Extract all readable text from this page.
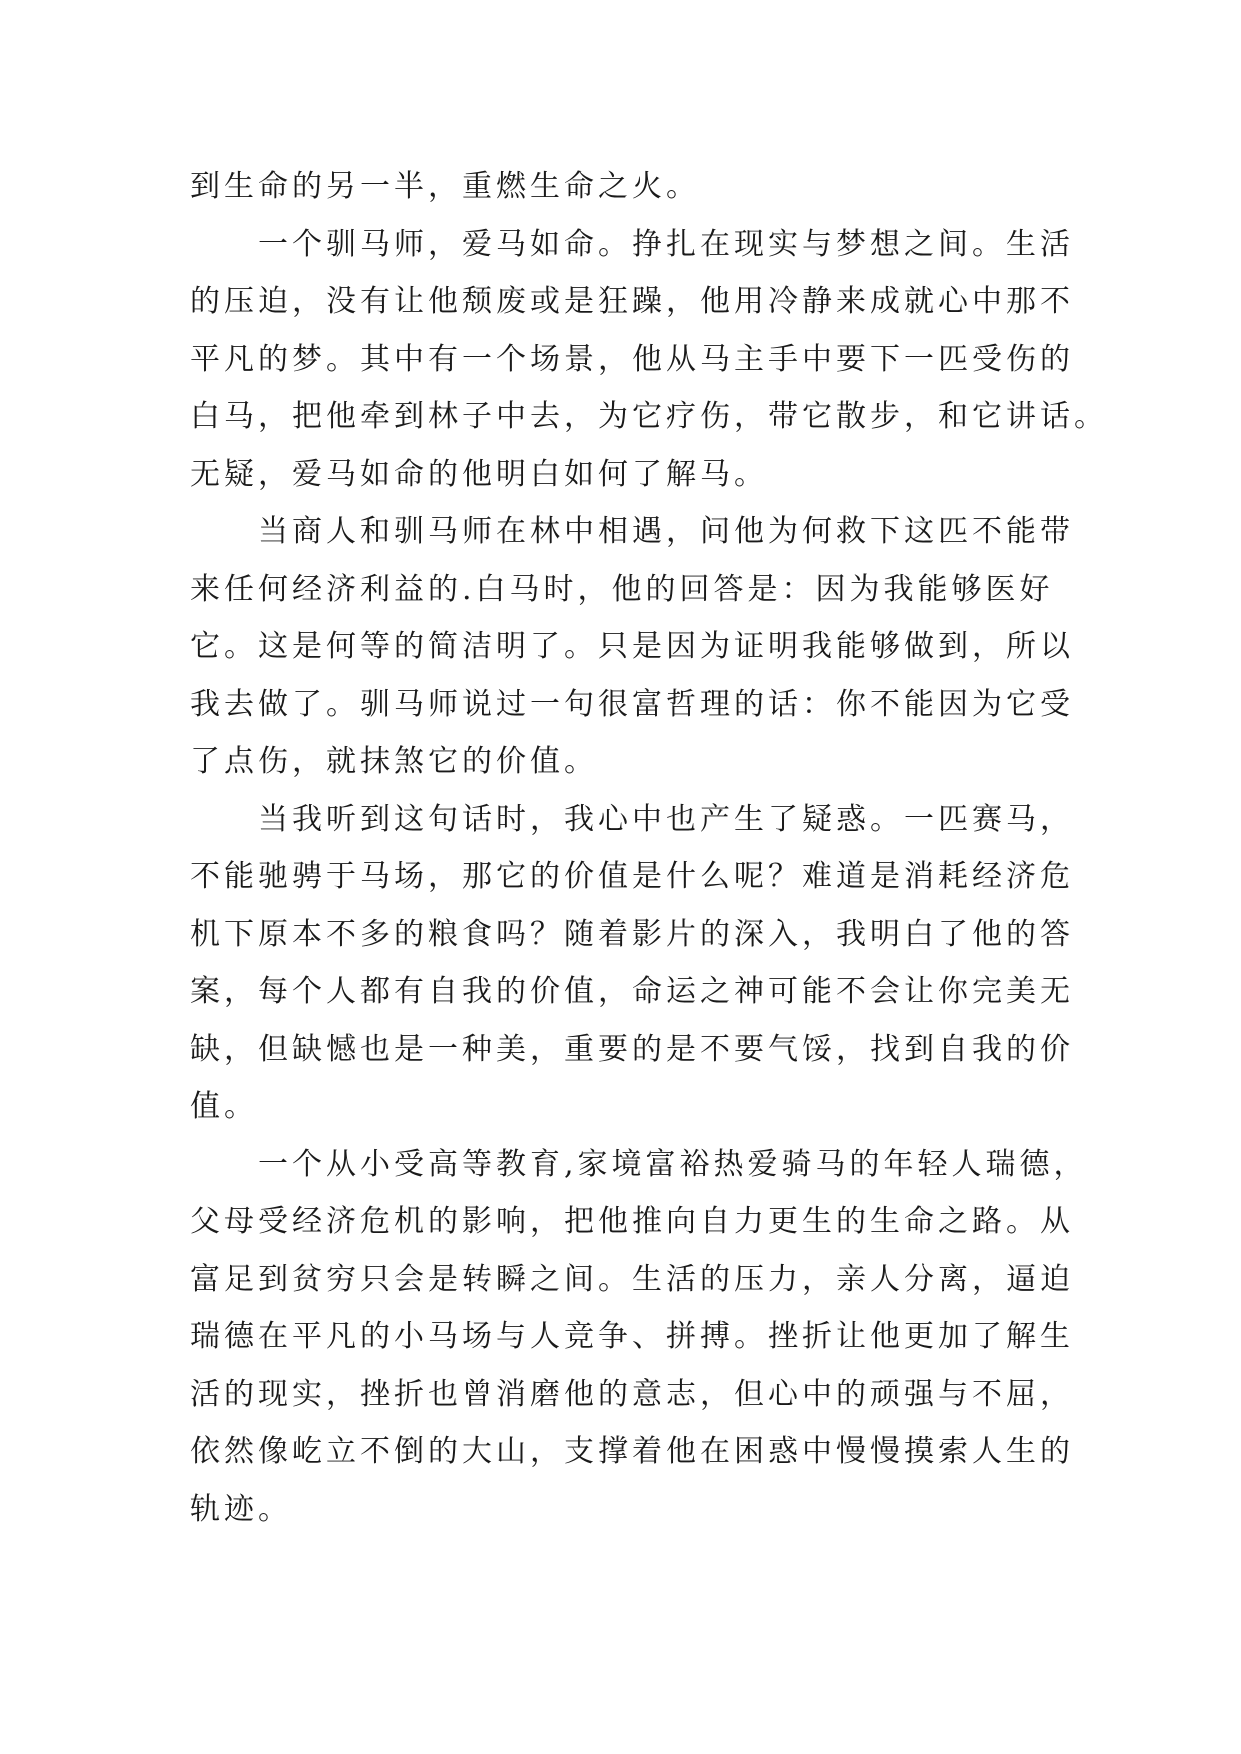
到生命的另一半，重燃生命之火。
　　一个驯马师，爱马如命。挣扎在现实与梦想之间。生活
的压迫，没有让他颓废或是狂躁，他用冷静来成就心中那不
平凡的梦。其中有一个场景，他从马主手中要下一匹受伤的
白马，把他牵到林子中去，为它疗伤，带它散步，和它讲话。
无疑，爱马如命的他明白如何了解马。
　　当商人和驯马师在林中相遇，问他为何救下这匹不能带
来任何经济利益的.白马时，他的回答是：因为我能够医好
它。这是何等的简洁明了。只是因为证明我能够做到，所以
我去做了。驯马师说过一句很富哲理的话：你不能因为它受
了点伤，就抹煞它的价值。
　　当我听到这句话时，我心中也产生了疑惑。一匹赛马，
不能驰骋于马场，那它的价值是什么呢？难道是消耗经济危
机下原本不多的粮食吗？随着影片的深入，我明白了他的答
案，每个人都有自我的价值，命运之神可能不会让你完美无
缺，但缺憾也是一种美，重要的是不要气馁，找到自我的价
值。
　　一个从小受高等教育,家境富裕热爱骑马的年轻人瑞德，
父母受经济危机的影响，把他推向自力更生的生命之路。从
富足到贫穷只会是转瞬之间。生活的压力，亲人分离，逼迫
瑞德在平凡的小马场与人竞争、拼搏。挫折让他更加了解生
活的现实，挫折也曾消磨他的意志，但心中的顽强与不屈，
依然像屹立不倒的大山，支撑着他在困惑中慢慢摸索人生的
轨迹。
